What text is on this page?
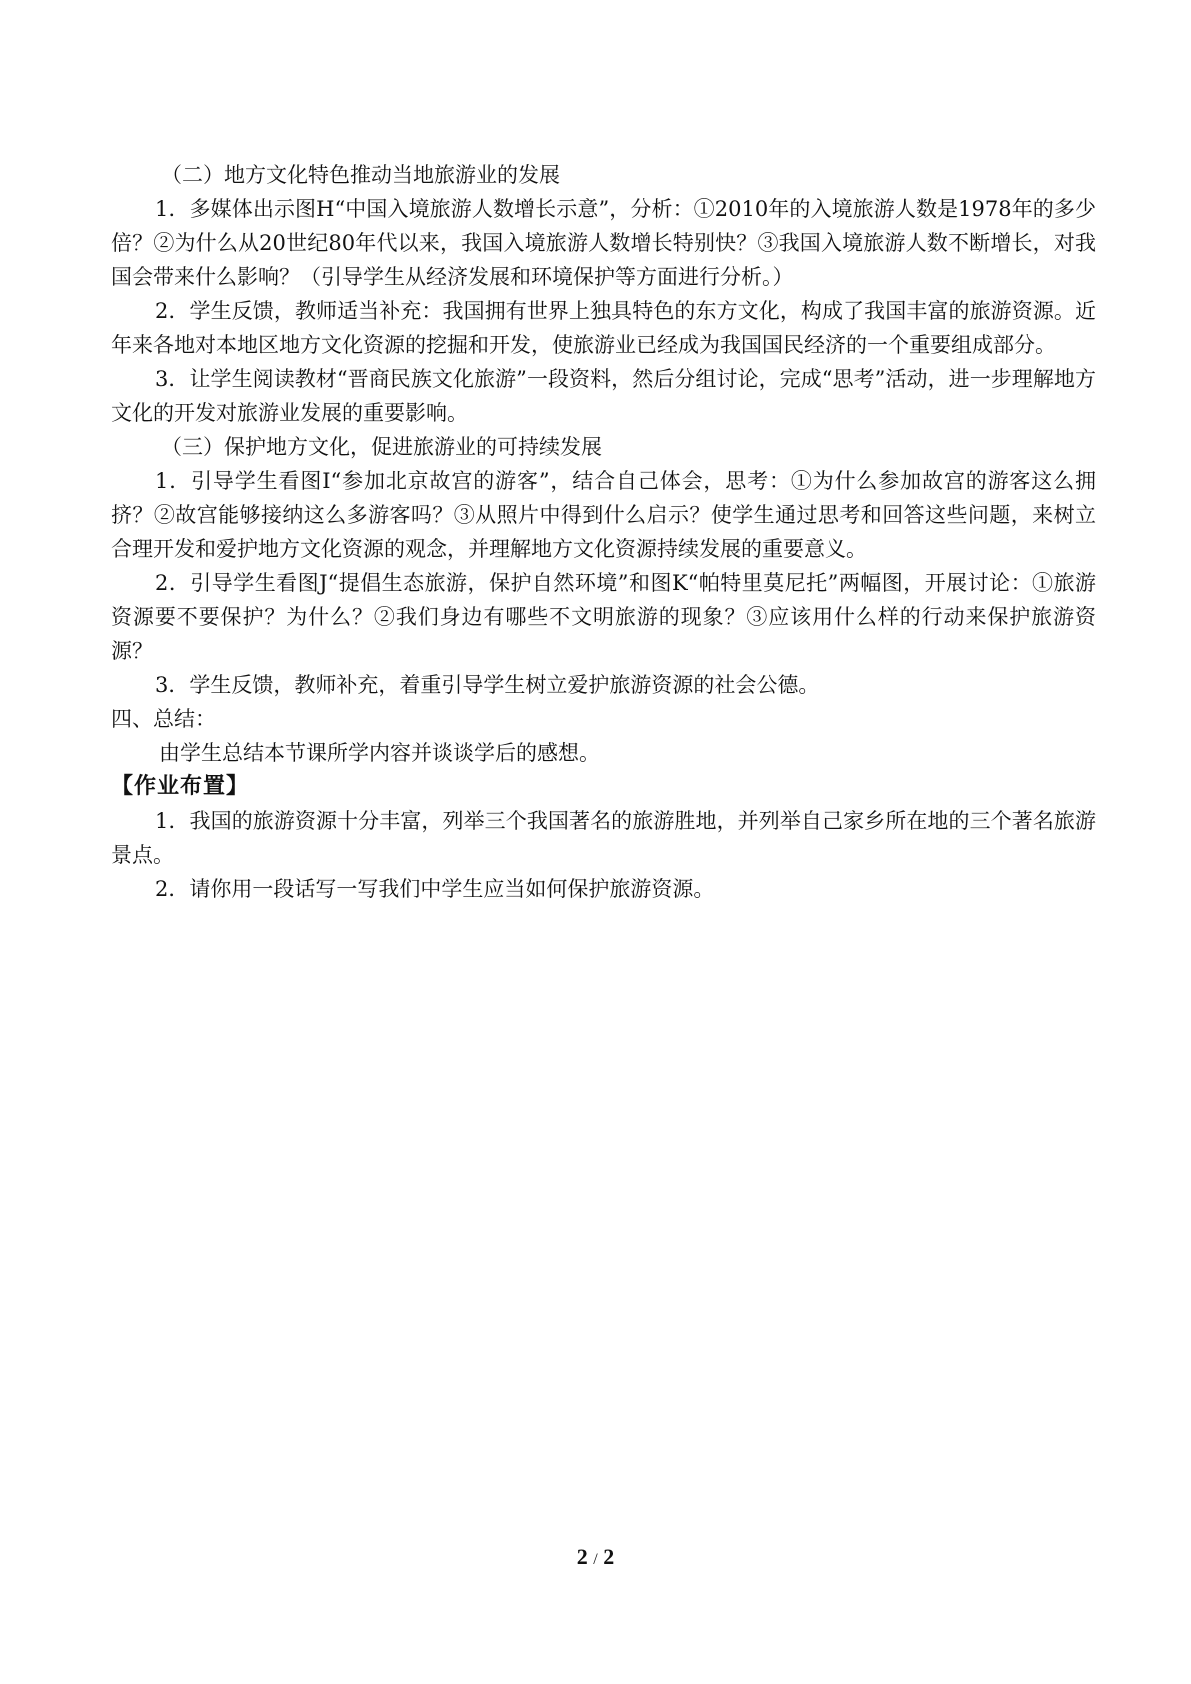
（二）地方文化特色推动当地旅游业的发展

1．多媒体出示图H“中国入境旅游人数增长示意”，分析：①2010年的入境旅游人数是1978年的多少倍？②为什么从20世纪80年代以来，我国入境旅游人数增长特别快？③我国入境旅游人数不断增长，对我国会带来什么影响？（引导学生从经济发展和环境保护等方面进行分析。）

2．学生反馈，教师适当补充：我国拥有世界上独具特色的东方文化，构成了我国丰富的旅游资源。近年来各地对本地区地方文化资源的挖掘和开发，使旅游业已经成为我国国民经济的一个重要组成部分。

3．让学生阅读教材“晋商民族文化旅游”一段资料，然后分组讨论，完成“思考”活动，进一步理解地方文化的开发对旅游业发展的重要影响。

（三）保护地方文化，促进旅游业的可持续发展

1．引导学生看图I“参加北京故宫的游客”，结合自己体会，思考：①为什么参加故宫的游客这么拥挤？②故宫能够接纳这么多游客吗？③从照片中得到什么启示？使学生通过思考和回答这些问题，来树立合理开发和爱护地方文化资源的观念，并理解地方文化资源持续发展的重要意义。

2．引导学生看图J“提倡生态旅游，保护自然环境”和图K“帕特里莫尼托”两幅图，开展讨论：①旅游资源要不要保护？为什么？②我们身边有哪些不文明旅游的现象？③应该用什么样的行动来保护旅游资源？

3．学生反馈，教师补充，着重引导学生树立爱护旅游资源的社会公德。

四、总结：

由学生总结本节课所学内容并谈谈学后的感想。

【作业布置】

1．我国的旅游资源十分丰富，列举三个我国著名的旅游胜地，并列举自己家乡所在地的三个著名旅游景点。

2．请你用一段话写一写我们中学生应当如何保护旅游资源。

2 / 2
